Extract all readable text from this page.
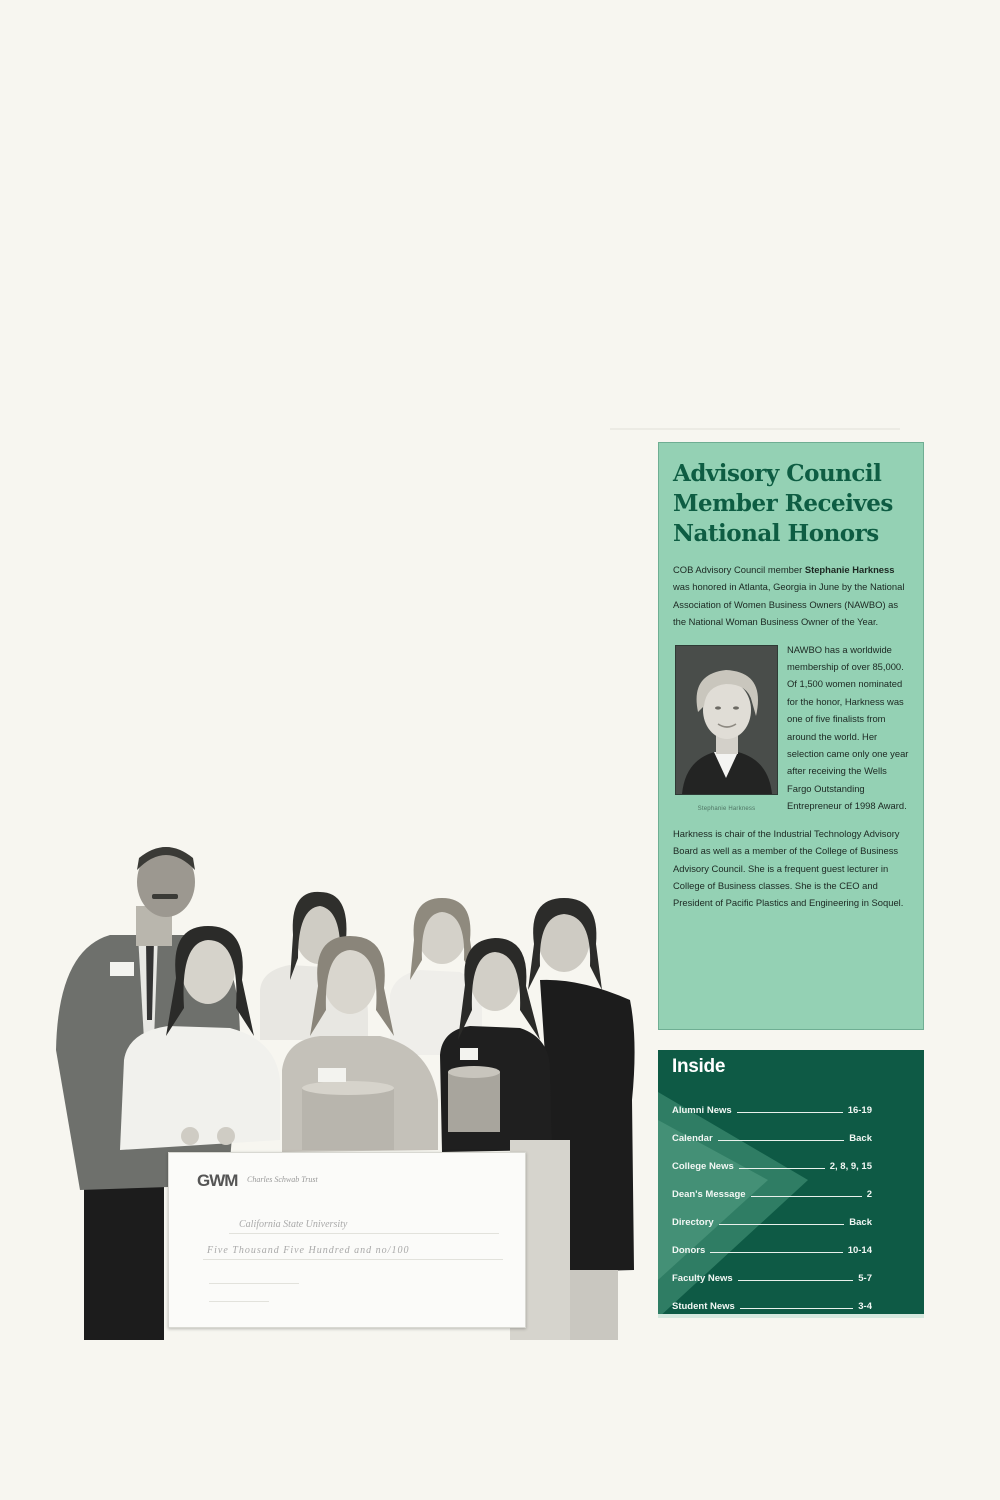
GWM Charles Schwab Trust
California State University
Five Thousand Five Hundred and no/100
Advisory Council
Member Receives
National Honors

COB Advisory Council member Stephanie Harkness was honored in Atlanta, Georgia in June by the National Association of Women Business Owners (NAWBO) as the National Woman Business Owner of the Year.

Stephanie Harkness
NAWBO has a worldwide membership of over 85,000. Of 1,500 women nominated for the honor, Harkness was one of five finalists from around the world. Her selection came only one year after receiving the Wells Fargo Outstanding Entrepreneur of 1998 Award.

Harkness is chair of the Industrial Technology Advisory Board as well as a member of the College of Business Advisory Council. She is a frequent guest lecturer in College of Business classes. She is the CEO and President of Pacific Plastics and Engineering in Soquel.

Inside
Alumni News	16-19
Calendar	Back
College News	2, 8, 9, 15
Dean's Message	2
Directory	Back
Donors	10-14
Faculty News	5-7
Student News	3-4
